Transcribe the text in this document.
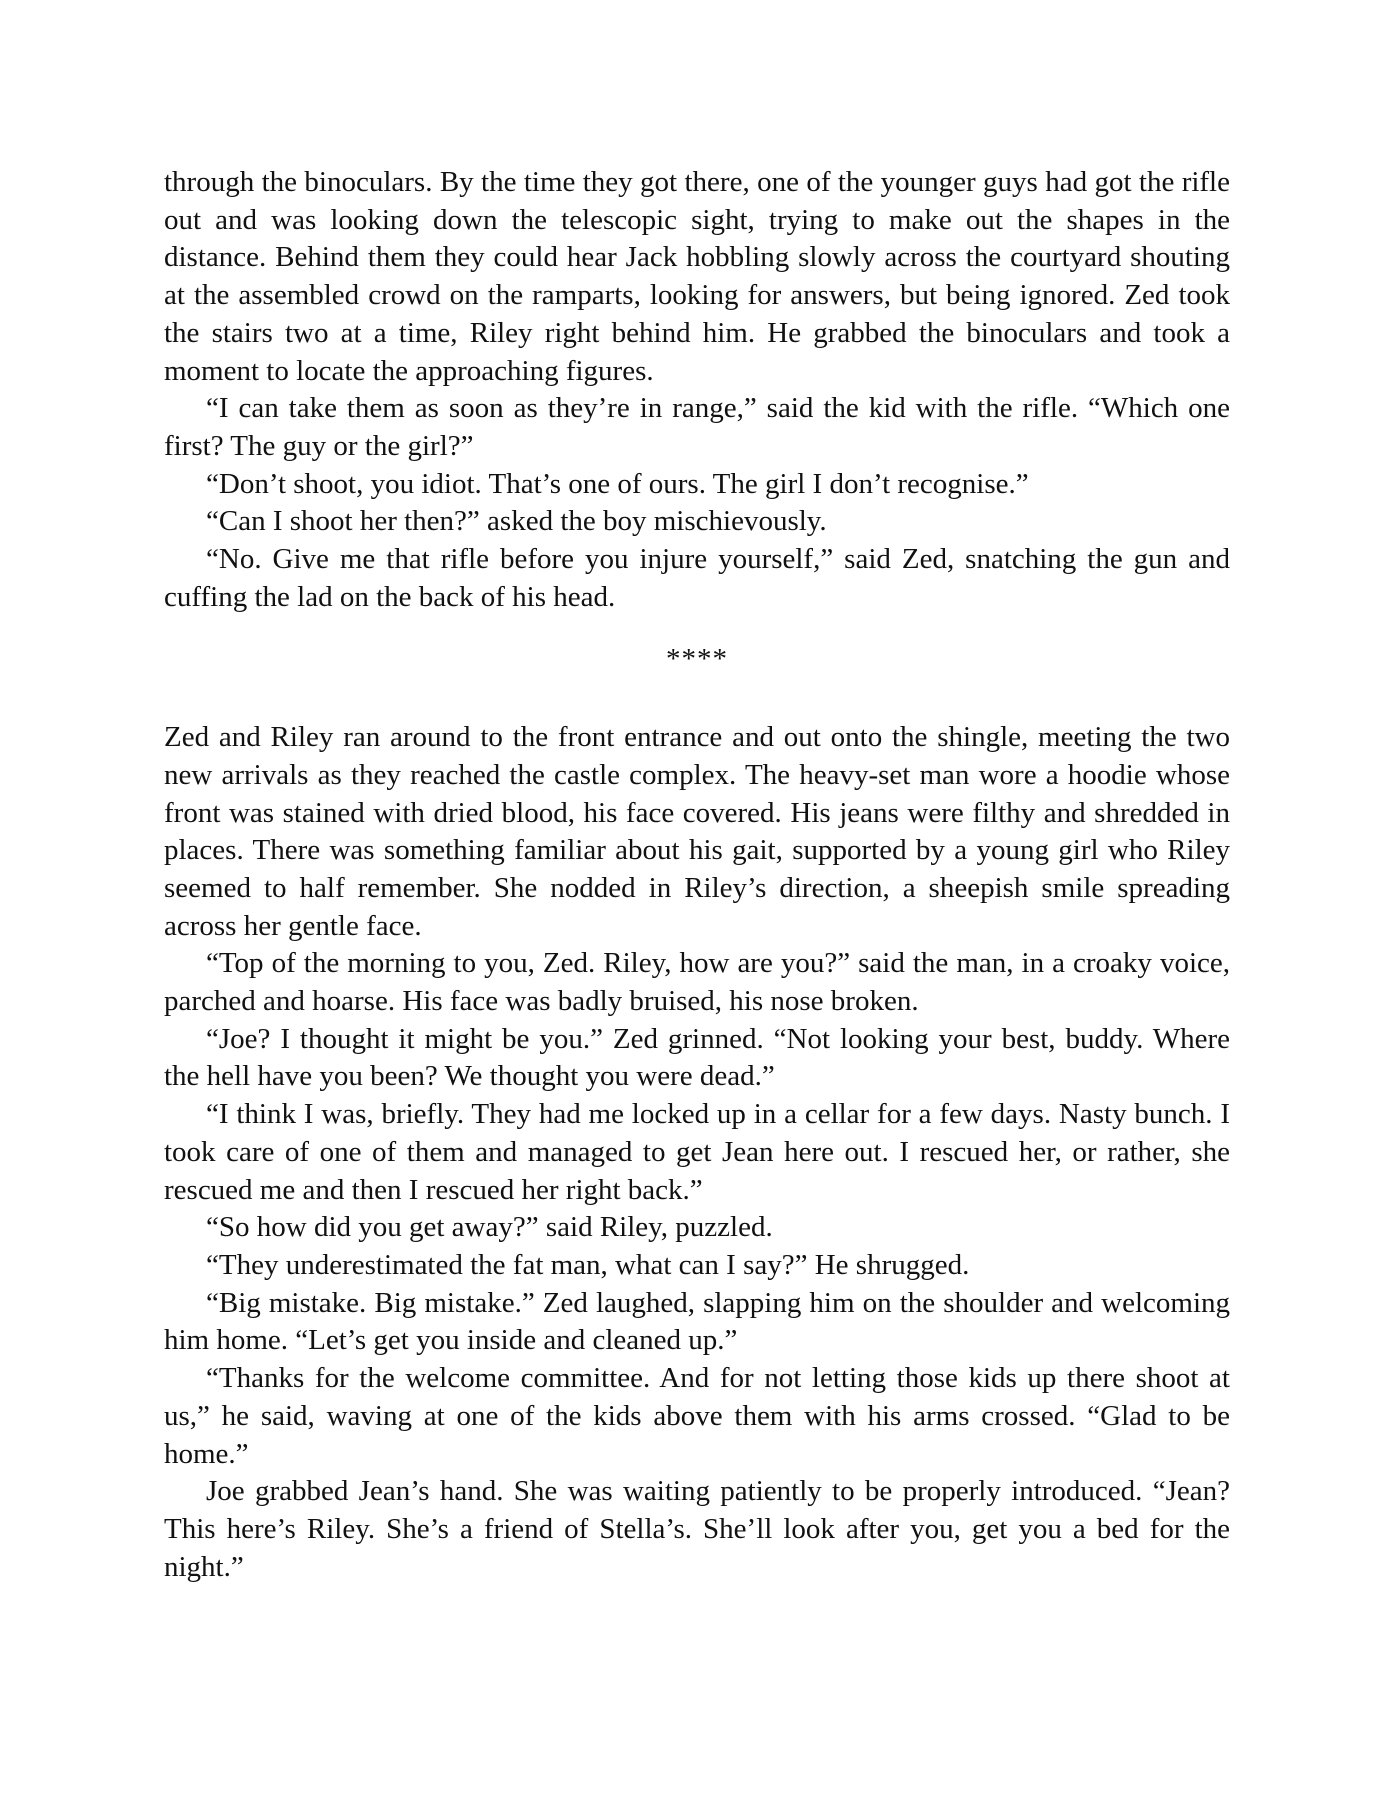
through the binoculars. By the time they got there, one of the younger guys had got the rifle out and was looking down the telescopic sight, trying to make out the shapes in the distance. Behind them they could hear Jack hobbling slowly across the courtyard shouting at the assembled crowd on the ramparts, looking for answers, but being ignored. Zed took the stairs two at a time, Riley right behind him. He grabbed the binoculars and took a moment to locate the approaching figures.

“I can take them as soon as they’re in range,” said the kid with the rifle. “Which one first? The guy or the girl?”

“Don’t shoot, you idiot. That’s one of ours. The girl I don’t recognise.”

“Can I shoot her then?” asked the boy mischievously.

“No. Give me that rifle before you injure yourself,” said Zed, snatching the gun and cuffing the lad on the back of his head.

****

Zed and Riley ran around to the front entrance and out onto the shingle, meeting the two new arrivals as they reached the castle complex. The heavy-set man wore a hoodie whose front was stained with dried blood, his face covered. His jeans were filthy and shredded in places. There was something familiar about his gait, supported by a young girl who Riley seemed to half remember. She nodded in Riley’s direction, a sheepish smile spreading across her gentle face.

“Top of the morning to you, Zed. Riley, how are you?” said the man, in a croaky voice, parched and hoarse. His face was badly bruised, his nose broken.

“Joe? I thought it might be you.” Zed grinned. “Not looking your best, buddy. Where the hell have you been? We thought you were dead.”

“I think I was, briefly. They had me locked up in a cellar for a few days. Nasty bunch. I took care of one of them and managed to get Jean here out. I rescued her, or rather, she rescued me and then I rescued her right back.”

“So how did you get away?” said Riley, puzzled.

“They underestimated the fat man, what can I say?” He shrugged.

“Big mistake. Big mistake.” Zed laughed, slapping him on the shoulder and welcoming him home. “Let’s get you inside and cleaned up.”

“Thanks for the welcome committee. And for not letting those kids up there shoot at us,” he said, waving at one of the kids above them with his arms crossed. “Glad to be home.”

Joe grabbed Jean’s hand. She was waiting patiently to be properly introduced. “Jean? This here’s Riley. She’s a friend of Stella’s. She’ll look after you, get you a bed for the night.”
